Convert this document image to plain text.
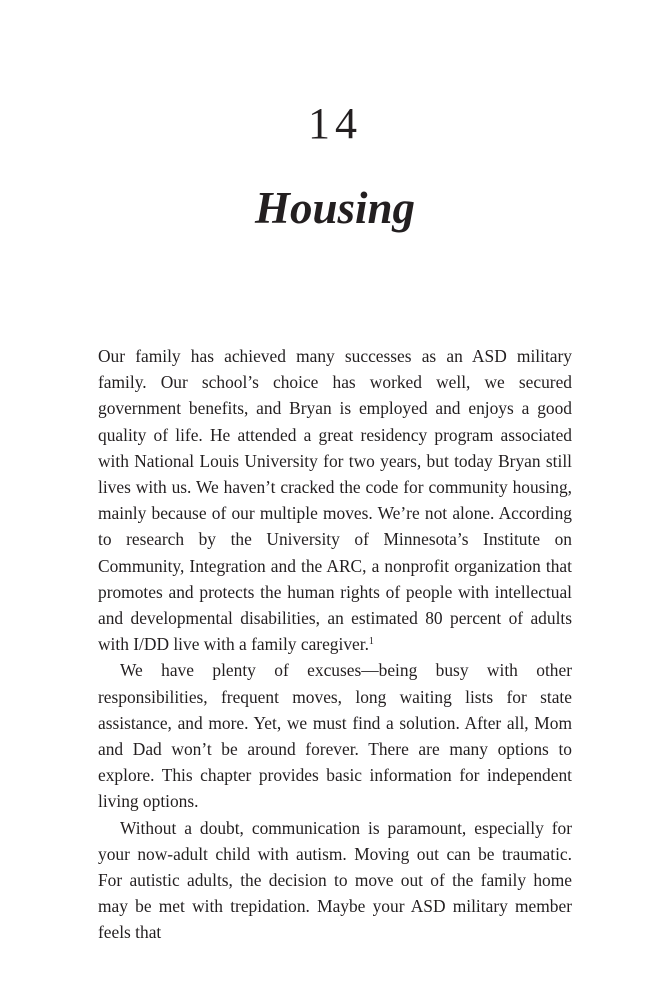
14
Housing

Our family has achieved many successes as an ASD military family. Our school’s choice has worked well, we secured government benefits, and Bryan is employed and enjoys a good quality of life. He attended a great residency program associated with National Louis University for two years, but today Bryan still lives with us. We haven’t cracked the code for community housing, mainly because of our multiple moves. We’re not alone. According to research by the University of Minnesota’s Institute on Community, Integration and the ARC, a nonprofit organization that promotes and protects the human rights of people with intellectual and developmental disabilities, an estimated 80 percent of adults with I/DD live with a family caregiver.$^1$

We have plenty of excuses—being busy with other responsibilities, frequent moves, long waiting lists for state assistance, and more. Yet, we must find a solution. After all, Mom and Dad won’t be around forever. There are many options to explore. This chapter provides basic information for independent living options.

Without a doubt, communication is paramount, especially for your now-adult child with autism. Moving out can be traumatic. For autistic adults, the decision to move out of the family home may be met with trepidation. Maybe your ASD military member feels that
